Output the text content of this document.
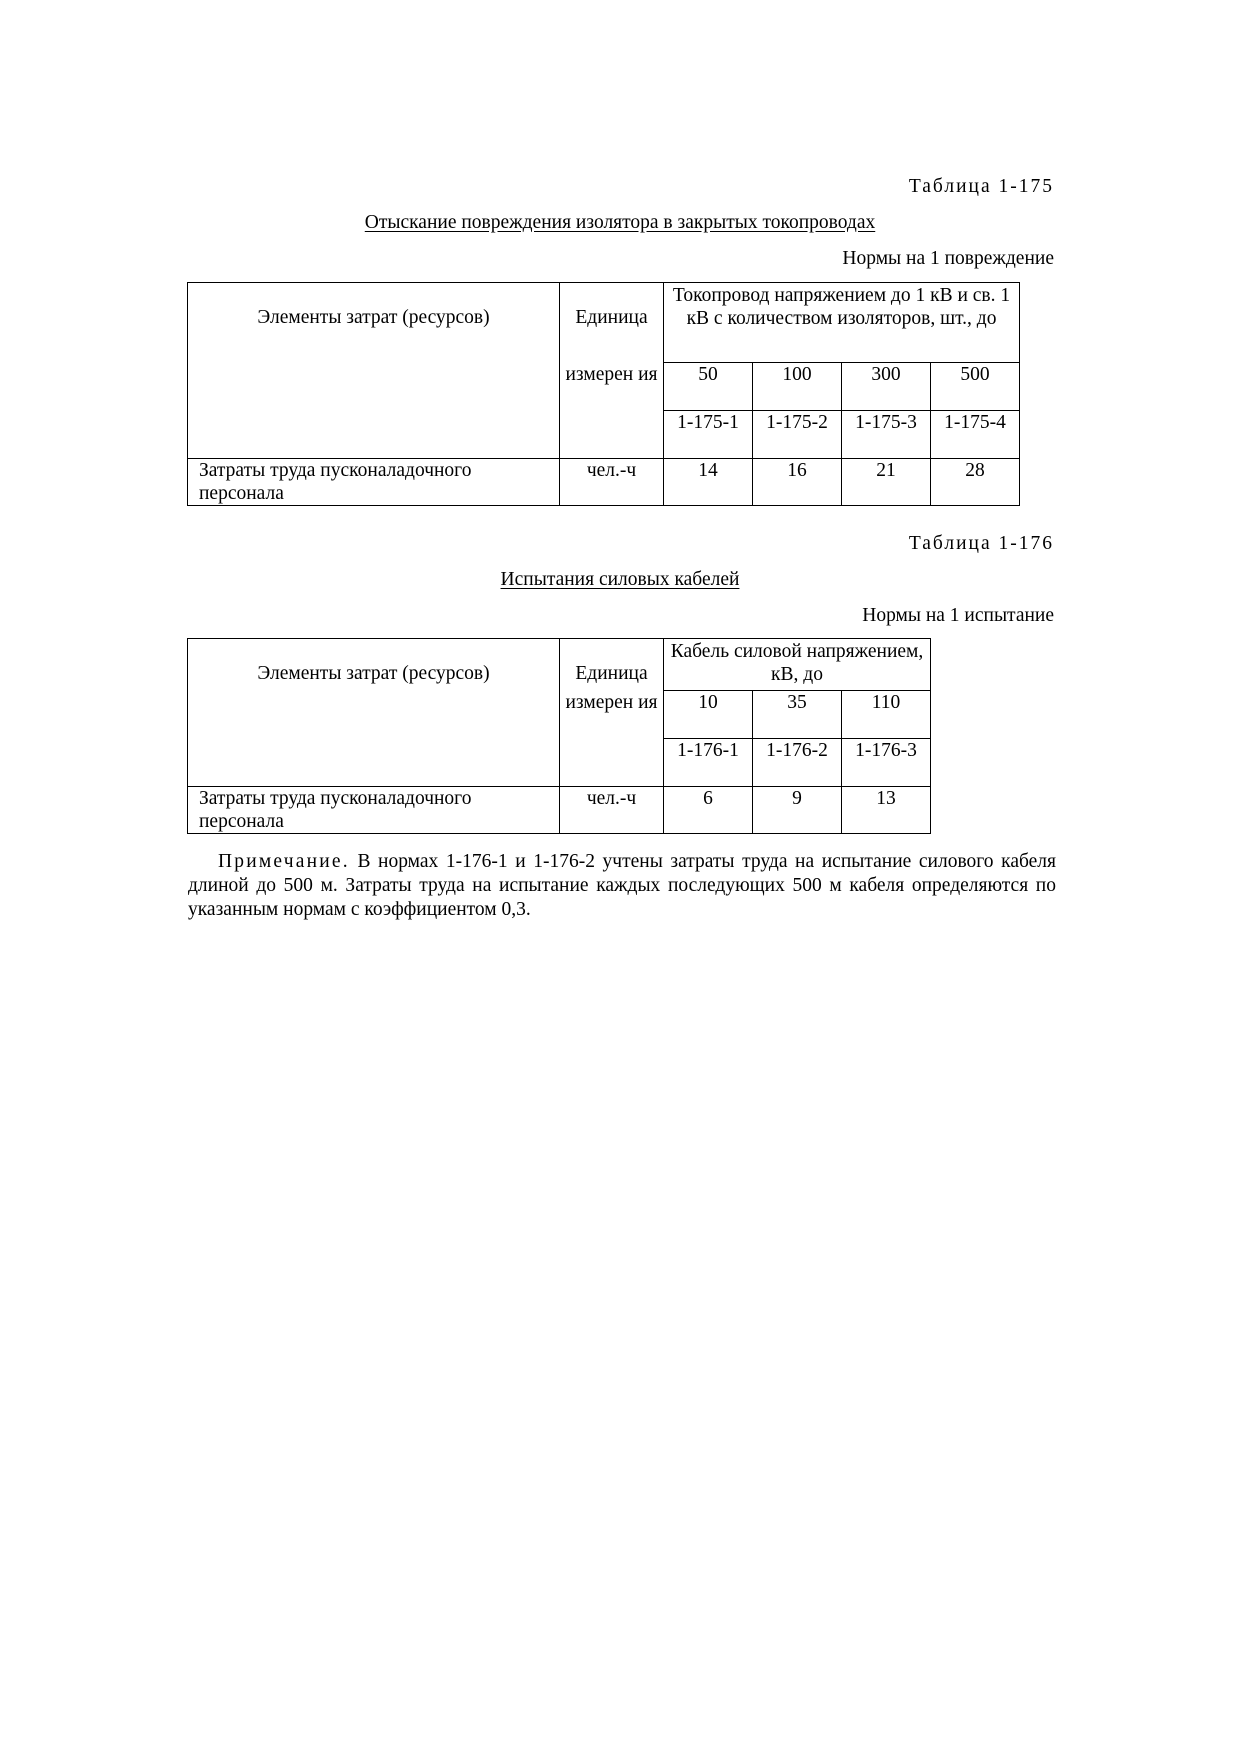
Таблица 1-175
Отыскание повреждения изолятора в закрытых токопроводах
Нормы на 1 повреждение
Элементы затрат (ресурсов)	Единица	Токопровод напряжением до 1 кВ и св. 1 кВ с количеством изоляторов, шт., до			
	измерен ия	50	100	300	500
		1-175-1	1-175-2	1-175-3	1-175-4
Затраты труда пусконаладочного персонала	чел.-ч	14	16	21	28
Таблица 1-176
Испытания силовых кабелей
Нормы на 1 испытание
Элементы затрат (ресурсов)	Единица	Кабель силовой напряжением, кВ, до		
	измерен ия	10	35	110
		1-176-1	1-176-2	1-176-3
Затраты труда пусконаладочного персонала	чел.-ч	6	9	13
Примечание. В нормах 1-176-1 и 1-176-2 учтены затраты труда на испытание силового кабеля длиной до 500 м. Затраты труда на испытание каждых последующих 500 м кабеля определяются по указанным нормам с коэффициентом 0,3.
